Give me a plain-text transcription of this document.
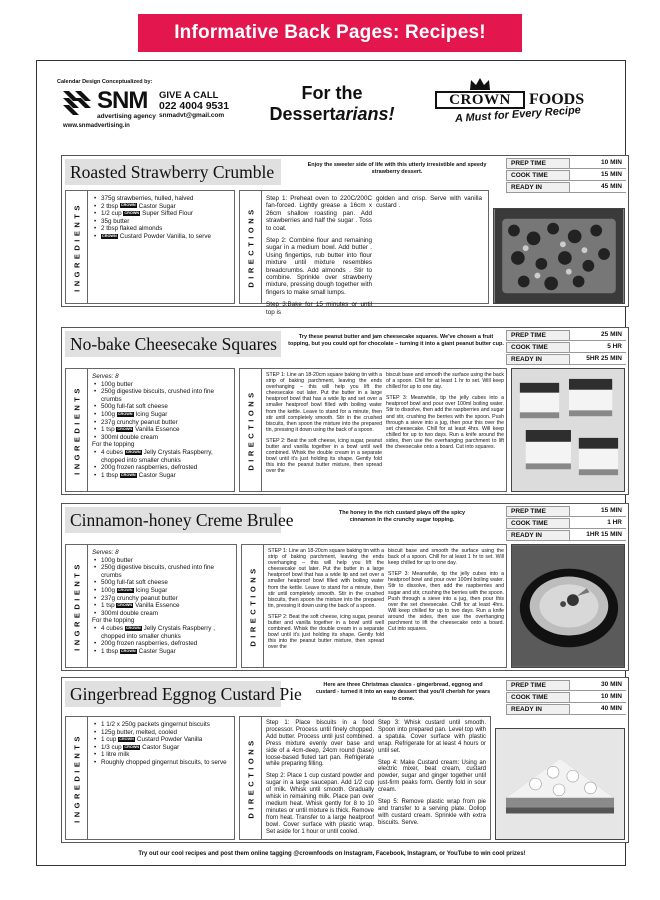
Informative Back Pages: Recipes!
Calendar Design Conceptualized by:
SNM
advertising agency
www.snmadvertising.in
GIVE A CALL
022 4004 9531
snmadvt@gmail.com
For the
Dessertarians!
CROWN	FOODS
A Must for Every Recipe
Roasted Strawberry Crumble	Enjoy the sweeter side of life with this utterly irresistible and speedy strawberry dessert.
PREP TIME	10 MIN
COOK TIME	15 MIN
READY IN	45 MIN
INGREDIENTS
• 375g strawberries, hulled, halved
• 2 tbsp CROWN Castor Sugar
• 1/2 cup CROWN Super Sifted Flour
• 35g butter
• 2 tbsp flaked almonds
• CROWN Custard Powder Vanilla, to serve	DIRECTIONS

Step 1: Preheat oven to 220C/200C fan-forced. Lightly grease a 16cm x 26cm shallow roasting pan. Add strawberries and half the sugar . Toss to coat.

Step 2: Combine flour and remaining sugar in a medium bowl. Add butter . Using fingertips, rub butter into flour mixture until mixture resembles breadcrumbs. Add almonds . Stir to combine. Sprinkle over strawberry mixture, pressing dough together with fingers to make small lumps.

Step 3:Bake for 15 minutes or until top is

golden and crisp. Serve with vanilla custard .

No-bake Cheesecake Squares	Try these peanut butter and jam cheesecake squares. We've chosen a fruit topping, but you could opt for chocolate – turning it into a giant peanut butter cup.
PREP TIME	25 MIN
COOK TIME	5 HR
READY IN	5HR 25 MIN
INGREDIENTS
Serves: 8
• 100g butter
• 250g digestive biscuits, crushed into fine crumbs
• 500g full-fat soft cheese
• 100g CROWN Icing Sugar
• 237g crunchy peanut butter
• 1 tsp CROWN Vanilla Essence
• 300ml double cream
For the topping
• 4 cubes CROWN Jelly Crystals Raspberry, chopped into smaller chunks
• 200g frozen raspberries, defrosted
• 1 tbsp CROWN Castor Sugar
DIRECTIONS

STEP 1: Line an 18-20cm square baking tin with a strip of baking parchment, leaving the ends overhanging – this will help you lift the cheesecake out later. Put the butter in a large heatproof bowl that has a wide lip and set over a smaller heatproof bowl filled with boiling water from the kettle. Leave to stand for a minute, then stir until completely smooth. Stir in the crushed biscuits, then spoon the mixture into the prepared tin, pressing it down using the back of a spoon.

STEP 2: Beat the soft cheese, icing sugar, peanut butter and vanilla together in a bowl until well combined. Whisk the double cream in a separate bowl until it's just holding its shape. Gently fold this into the peanut butter mixture, then spread over the

biscuit base and smooth the surface using the back of a spoon. Chill for at least 1 hr to set. Will keep chilled for up to one day.

STEP 3: Meanwhile, tip the jelly cubes into a heatproof bowl and pour over 100ml boiling water. Stir to dissolve, then add the raspberries and sugar and stir, crushing the berries with the spoon. Push through a sieve into a jug, then pour this over the set cheesecake. Chill for at least 4hrs. Will keep chilled for up to two days. Run a knife around the sides, then use the overhanging parchment to lift the cheesecake onto a board. Cut into squares.

Cinnamon-honey Creme Brulee	The honey in the rich custard plays off the spicy cinnamon in the crunchy sugar topping.
PREP TIME	15 MIN
COOK TIME	1 HR
READY IN	1HR 15 MIN
INGREDIENTS
Serves: 8
• 100g butter
• 250g digestive biscuits, crushed into fine crumbs
• 500g full-fat soft cheese
• 100g CROWN Icing Sugar
• 237g crunchy peanut butter
• 1 tsp CROWN Vanilla Essence
• 300ml double cream
For the topping
• 4 cubes CROWN Jelly Crystals Raspberry , chopped into smaller chunks
• 200g frozen raspberries, defrosted
• 1 tbsp CROWN Caster Sugar
DIRECTIONS

STEP 1: Line an 18-20cm square baking tin with a strip of baking parchment, leaving the ends overhanging – this will help you lift the cheesecake out later. Put the butter in a large heatproof bowl that has a wide lip and set over a smaller heatproof bowl filled with boiling water from the kettle. Leave to stand for a minute, then stir until completely smooth. Stir in the crushed biscuits, then spoon the mixture into the prepared tin, pressing it down using the back of a spoon.

STEP 2: Beat the soft cheese, icing sugar, peanut butter and vanilla together in a bowl until well combined. Whisk the double cream in a separate bowl until it's just holding its shape. Gently fold this into the peanut butter mixture, then spread over the

biscuit base and smooth the surface using the back of a spoon. Chill for at least 1 hr to set. Will keep chilled for up to one day.

STEP 3: Meanwhile, tip the jelly cubes into a heatproof bowl and pour over 100ml boiling water. Stir to dissolve, then add the raspberries and sugar and stir, crushing the berries with the spoon. Push through a sieve into a jug, then pour this over the set cheesecake. Chill for at least 4hrs. Will keep chilled for up to two days. Run a knife around the sides, then use the overhanging parchment to lift the cheesecake onto a board. Cut into squares.

Gingerbread Eggnog Custard Pie	Here are three Christmas classics - gingerbread, eggnog and custard - turned it into an easy dessert that you'll cherish for years to come.
PREP TIME	30 MIN
COOK TIME	10 MIN
READY IN	40 MIN
INGREDIENTS
• 1 1/2 x 250g packets gingernut biscuits
• 125g butter, melted, cooled
• 1 cup CROWN Custard Powder Vanilla
• 1/3 cup CROWN Castor Sugar
• 1 litre milk
• Roughly chopped gingernut biscuits, to serve	DIRECTIONS

Step 1: Place biscuits in a food processor. Process until finely chopped. Add butter. Process until just combined. Press mixture evenly over base and side of a 4cm-deep, 24cm round (base) loose-based fluted tart pan. Refrigerate while preparing filling.

Step 2: Place 1 cup custard powder and sugar in a large saucepan. Add 1/2 cup of milk. Whisk until smooth. Gradually whisk in remaining milk. Place pan over medium heat. Whisk gently for 8 to 10 minutes or until mixture is thick. Remove from heat. Transfer to a large heatproof bowl. Cover surface with plastic wrap. Set aside for 1 hour or until cooled.

Step 3: Whisk custard until smooth. Spoon into prepared pan. Level top with a spatula. Cover surface with plastic wrap. Refrigerate for at least 4 hours or until set.

Step 4: Make Custard cream: Using an electric mixer, beat cream, custard powder, sugar and ginger together until just-firm peaks form. Gently fold in sour cream.

Step 5: Remove plastic wrap from pie and transfer to a serving plate. Dollop with custard cream. Sprinkle with extra biscuits. Serve.

Try out our cool recipes and post them online tagging @crownfoods on Instagram, Facebook, Instagram, or YouTube to win cool prizes!
